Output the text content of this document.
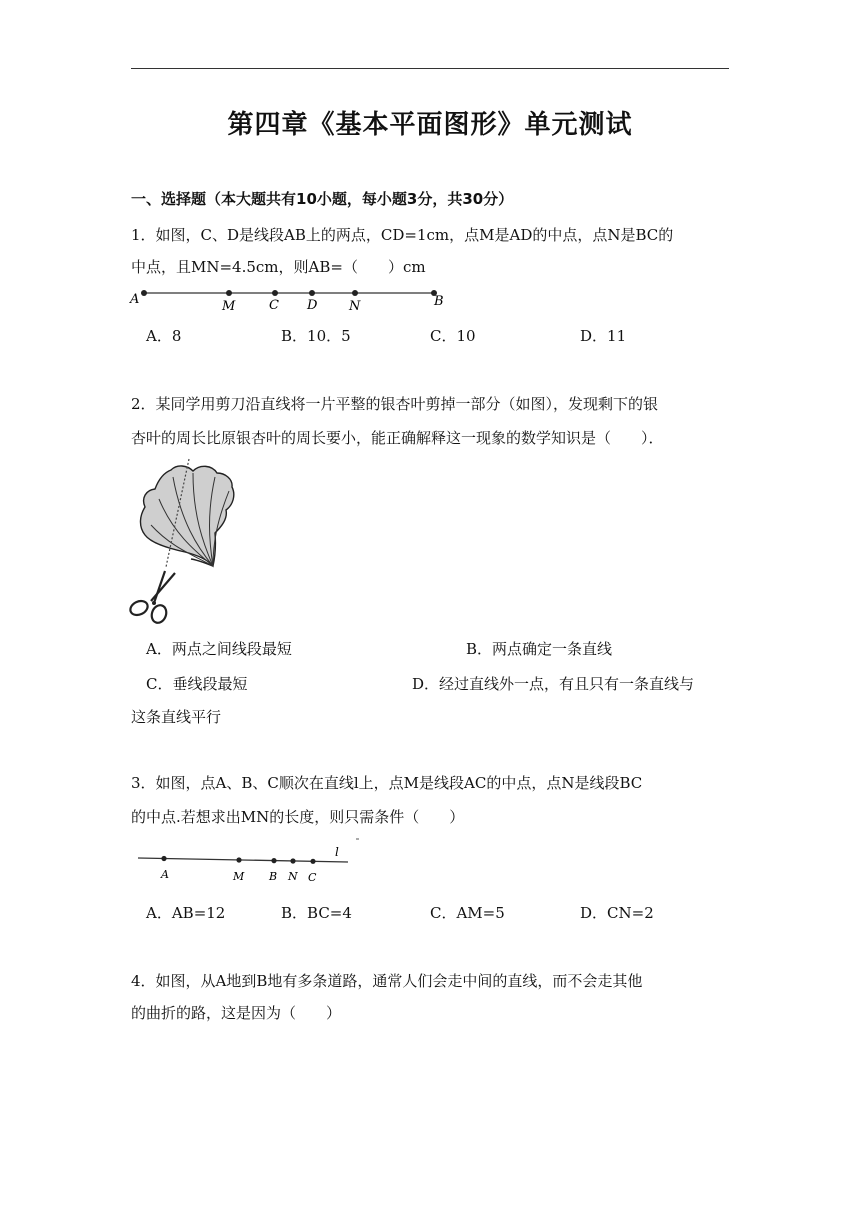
第四章《基本平面图形》单元测试
一、选择题（本大题共有10小题，每小题3分，共30分）
1．如图，C、D是线段AB上的两点，CD=1cm，点M是AD的中点，点N是BC的
中点，且MN=4.5cm，则AB=（　　）cm
A	M	C D N	B
A．8	B．10．5	C．10	D．11
2．某同学用剪刀沿直线将一片平整的银杏叶剪掉一部分（如图），发现剩下的银
杏叶的周长比原银杏叶的周长要小，能正确解释这一现象的数学知识是（　　）．
A．两点之间线段最短	B．两点确定一条直线
C．垂线段最短	D．经过直线外一点，有且只有一条直线与
这条直线平行
3．如图，点A、B、C顺次在直线l上，点M是线段AC的中点，点N是线段BC
的中点.若想求出MN的长度，则只需条件（　　）
A	M B N C
l
A．AB=12	B．BC=4	C．AM=5	D．CN=2
4．如图，从A地到B地有多条道路，通常人们会走中间的直线，而不会走其他
的曲折的路，这是因为（　　）
